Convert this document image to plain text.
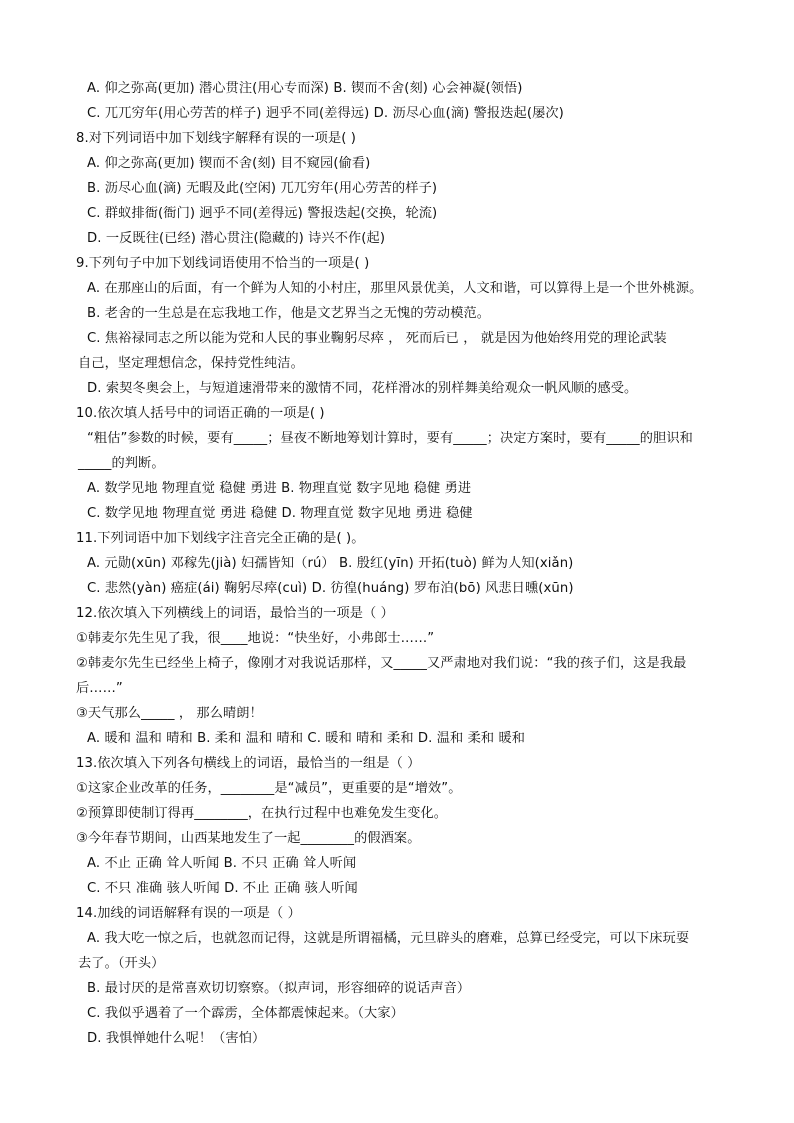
A. 仰之弥高(更加) 潜心贯注(用心专而深) B. 锲而不舍(刻) 心会神凝(领悟)
C. 兀兀穷年(用心劳苦的样子) 迥乎不同(差得远) D. 沥尽心血(滴) 警报迭起(屡次)
8.对下列词语中加下划线字解释有误的一项是( )
A. 仰之弥高(更加) 锲而不舍(刻) 目不窥园(偷看)
B. 沥尽心血(滴) 无暇及此(空闲) 兀兀穷年(用心劳苦的样子)
C. 群蚁排衙(衙门) 迥乎不同(差得远) 警报迭起(交换，轮流)
D. 一反既往(已经) 潜心贯注(隐藏的) 诗兴不作(起)
9.下列句子中加下划线词语使用不恰当的一项是( )
A. 在那座山的后面，有一个鲜为人知的小村庄，那里风景优美，人文和谐，可以算得上是一个世外桃源。
B. 老舍的一生总是在忘我地工作，他是文艺界当之无愧的劳动模范。
C. 焦裕禄同志之所以能为党和人民的事业鞠躬尽瘁 ， 死而后已 ， 就是因为他始终用党的理论武装
自己，坚定理想信念，保持党性纯洁。
D. 索契冬奥会上，与短道速滑带来的激情不同，花样滑冰的别样舞美给观众一帆风顺的感受。
10.依次填人括号中的词语正确的一项是( )
“粗估”参数的时候，要有_____；昼夜不断地筹划计算时，要有_____；决定方案时，要有_____的胆识和
_____的判断。
A. 数学见地 物理直觉 稳健 勇进 B. 物理直觉 数字见地 稳健 勇进
C. 数学见地 物理直觉 勇进 稳健 D. 物理直觉 数字见地 勇进 稳健
11.下列词语中加下划线字注音完全正确的是( )。
A. 元勋(xūn) 邓稼先(jià) 妇孺皆知（rú） B. 殷红(yīn) 开拓(tuò) 鲜为人知(xiǎn)
C. 悲然(yàn) 癌症(ái) 鞠躬尽瘁(cuì) D. 彷徨(huáng) 罗布泊(bō) 风悲日曛(xūn)
12.依次填入下列横线上的词语，最恰当的一项是（ ）
①韩麦尔先生见了我，很____地说：“快坐好，小弗郎士……”
②韩麦尔先生已经坐上椅子，像刚才对我说话那样，又_____又严肃地对我们说：“我的孩子们，这是我最
后……”
③天气那么_____ ， 那么晴朗！
A. 暖和 温和 晴和 B. 柔和 温和 晴和 C. 暖和 晴和 柔和 D. 温和 柔和 暖和
13.依次填入下列各句横线上的词语，最恰当的一组是（ ）
①这家企业改革的任务，________是“减员”，更重要的是“增效”。
②预算即使制订得再________，在执行过程中也难免发生变化。
③今年春节期间，山西某地发生了一起________的假酒案。
A. 不止 正确 耸人听闻 B. 不只 正确 耸人听闻
C. 不只 准确 骇人听闻 D. 不止 正确 骇人听闻
14.加线的词语解释有误的一项是（ ）
A. 我大吃一惊之后，也就忽而记得，这就是所谓福橘，元旦辟头的磨难，总算已经受完，可以下床玩耍
去了。（开头）
B. 最讨厌的是常喜欢切切察察。（拟声词，形容细碎的说话声音）
C. 我似乎遇着了一个霹雳，全体都震悚起来。（大家）
D. 我惧惮她什么呢！（害怕）
